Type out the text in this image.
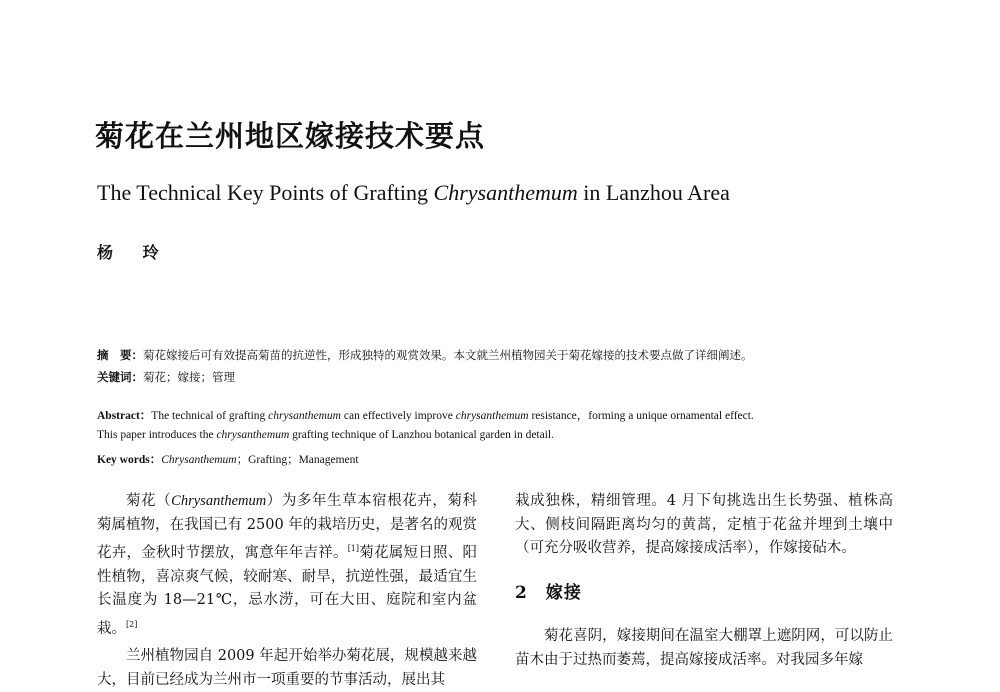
菊花在兰州地区嫁接技术要点
The Technical Key Points of Grafting Chrysanthemum in Lanzhou Area
杨 玲
摘　要：菊花嫁接后可有效提高菊苗的抗逆性，形成独特的观赏效果。本文就兰州植物园关于菊花嫁接的技术要点做了详细阐述。
关键词：菊花；嫁接；管理
Abstract：The technical of grafting chrysanthemum can effectively improve chrysanthemum resistance，forming a unique ornamental effect.
This paper introduces the chrysanthemum grafting technique of Lanzhou botanical garden in detail.
Key words：Chrysanthemum；Grafting；Management

菊花（Chrysanthemum）为多年生草本宿根花卉，菊科菊属植物，在我国已有 2500 年的栽培历史，是著名的观赏花卉，金秋时节摆放，寓意年年吉祥。[1]菊花属短日照、阳性植物，喜凉爽气候，较耐寒、耐旱，抗逆性强，最适宜生长温度为 18—21℃，忌水涝，可在大田、庭院和室内盆栽。[2]

兰州植物园自 2009 年起开始举办菊花展，规模越来越大，目前已经成为兰州市一项重要的节事活动，展出其

栽成独株，精细管理。4 月下旬挑选出生长势强、植株高大、侧枝间隔距离均匀的黄蒿，定植于花盆并埋到土壤中（可充分吸收营养，提高嫁接成活率），作嫁接砧木。

2 嫁接

菊花喜阴，嫁接期间在温室大棚罩上遮阴网，可以防止苗木由于过热而萎蔫，提高嫁接成活率。对我园多年嫁
